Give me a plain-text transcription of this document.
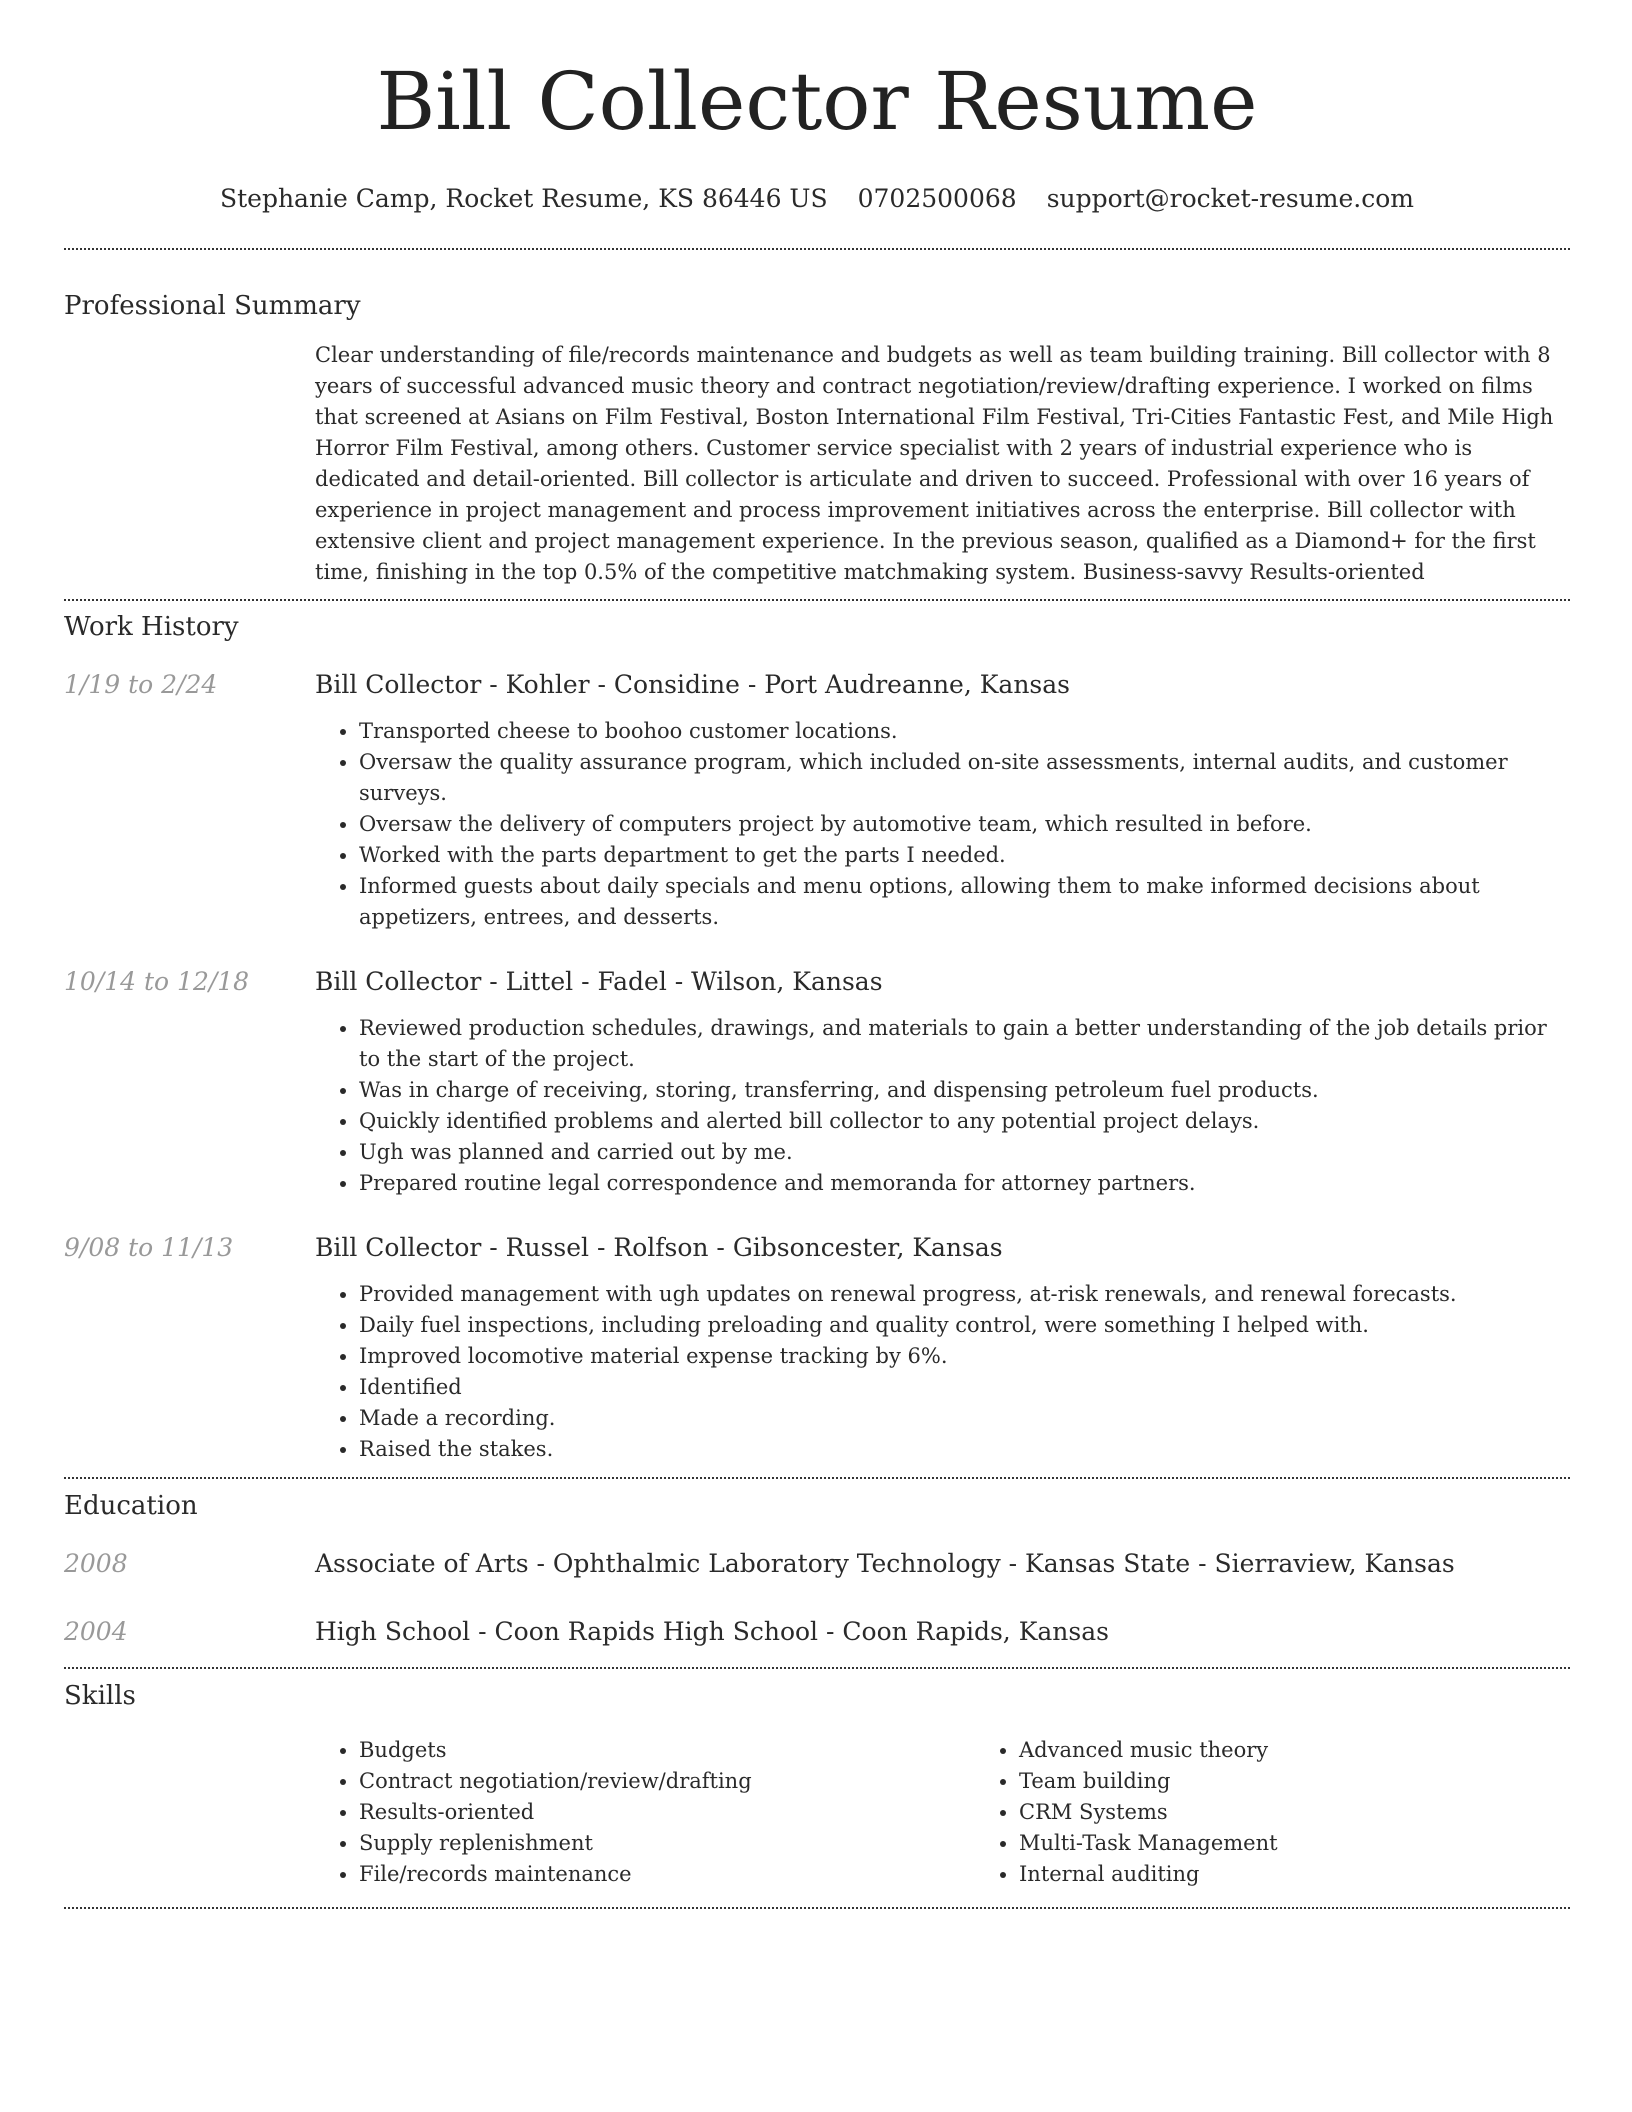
Bill Collector Resume
Stephanie Camp, Rocket Resume, KS 86446 US 0702500068 support@rocket-resume.com
Professional Summary
Clear understanding of file/records maintenance and budgets as well as team building training. Bill collector with 8 years of successful advanced music theory and contract negotiation/review/drafting experience. I worked on films that screened at Asians on Film Festival, Boston International Film Festival, Tri-Cities Fantastic Fest, and Mile High Horror Film Festival, among others. Customer service specialist with 2 years of industrial experience who is dedicated and detail-oriented. Bill collector is articulate and driven to succeed. Professional with over 16 years of experience in project management and process improvement initiatives across the enterprise. Bill collector with extensive client and project management experience. In the previous season, qualified as a Diamond+ for the first time, finishing in the top 0.5% of the competitive matchmaking system. Business-savvy Results-oriented
Work History
1/19 to 2/24	Bill Collector - Kohler - Considine - Port Audreanne, Kansas
• Transported cheese to boohoo customer locations.
• Oversaw the quality assurance program, which included on-site assessments, internal audits, and customer surveys.
• Oversaw the delivery of computers project by automotive team, which resulted in before.
• Worked with the parts department to get the parts I needed.
• Informed guests about daily specials and menu options, allowing them to make informed decisions about appetizers, entrees, and desserts.
10/14 to 12/18	Bill Collector - Littel - Fadel - Wilson, Kansas
• Reviewed production schedules, drawings, and materials to gain a better understanding of the job details prior to the start of the project.
• Was in charge of receiving, storing, transferring, and dispensing petroleum fuel products.
• Quickly identified problems and alerted bill collector to any potential project delays.
• Ugh was planned and carried out by me.
• Prepared routine legal correspondence and memoranda for attorney partners.
9/08 to 11/13	Bill Collector - Russel - Rolfson - Gibsoncester, Kansas
• Provided management with ugh updates on renewal progress, at-risk renewals, and renewal forecasts.
• Daily fuel inspections, including preloading and quality control, were something I helped with.
• Improved locomotive material expense tracking by 6%.
• Identified
• Made a recording.
• Raised the stakes.
Education
2008	Associate of Arts - Ophthalmic Laboratory Technology - Kansas State - Sierraview, Kansas
2004	High School - Coon Rapids High School - Coon Rapids, Kansas
Skills
• Budgets
• Contract negotiation/review/drafting
• Results-oriented
• Supply replenishment
• File/records maintenance
• Advanced music theory
• Team building
• CRM Systems
• Multi-Task Management
• Internal auditing
